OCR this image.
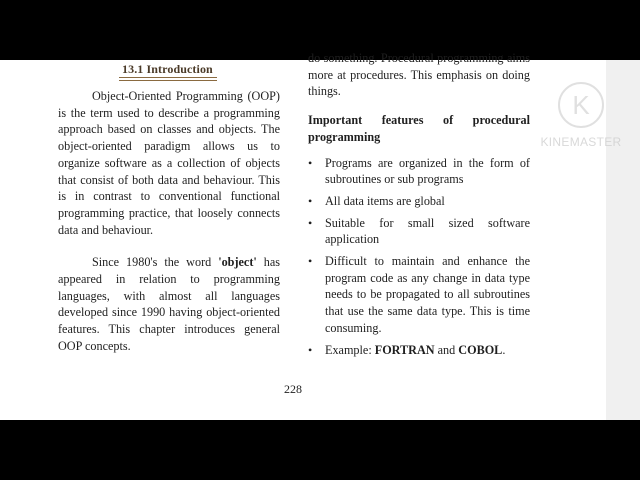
13.1 Introduction

Object-Oriented Programming (OOP) is the term used to describe a programming approach based on classes and objects. The object-oriented paradigm allows us to organize software as a collection of objects that consist of both data and behaviour. This is in contrast to conventional functional programming practice, that loosely connects data and behaviour.

Since 1980's the word 'object' has appeared in relation to programming languages, with almost all languages developed since 1990 having object-oriented features. This chapter introduces general OOP concepts.

do something. Procedural programming aims more at procedures. This emphasis on doing things.

Important features of procedural programming

• Programs are organized in the form of subroutines or sub programs
• All data items are global
• Suitable for small sized software application
• Difficult to maintain and enhance the program code as any change in data type needs to be propagated to all subroutines that use the same data type. This is time consuming.
• Example: FORTRAN and COBOL.
228
K
KINEMASTER
